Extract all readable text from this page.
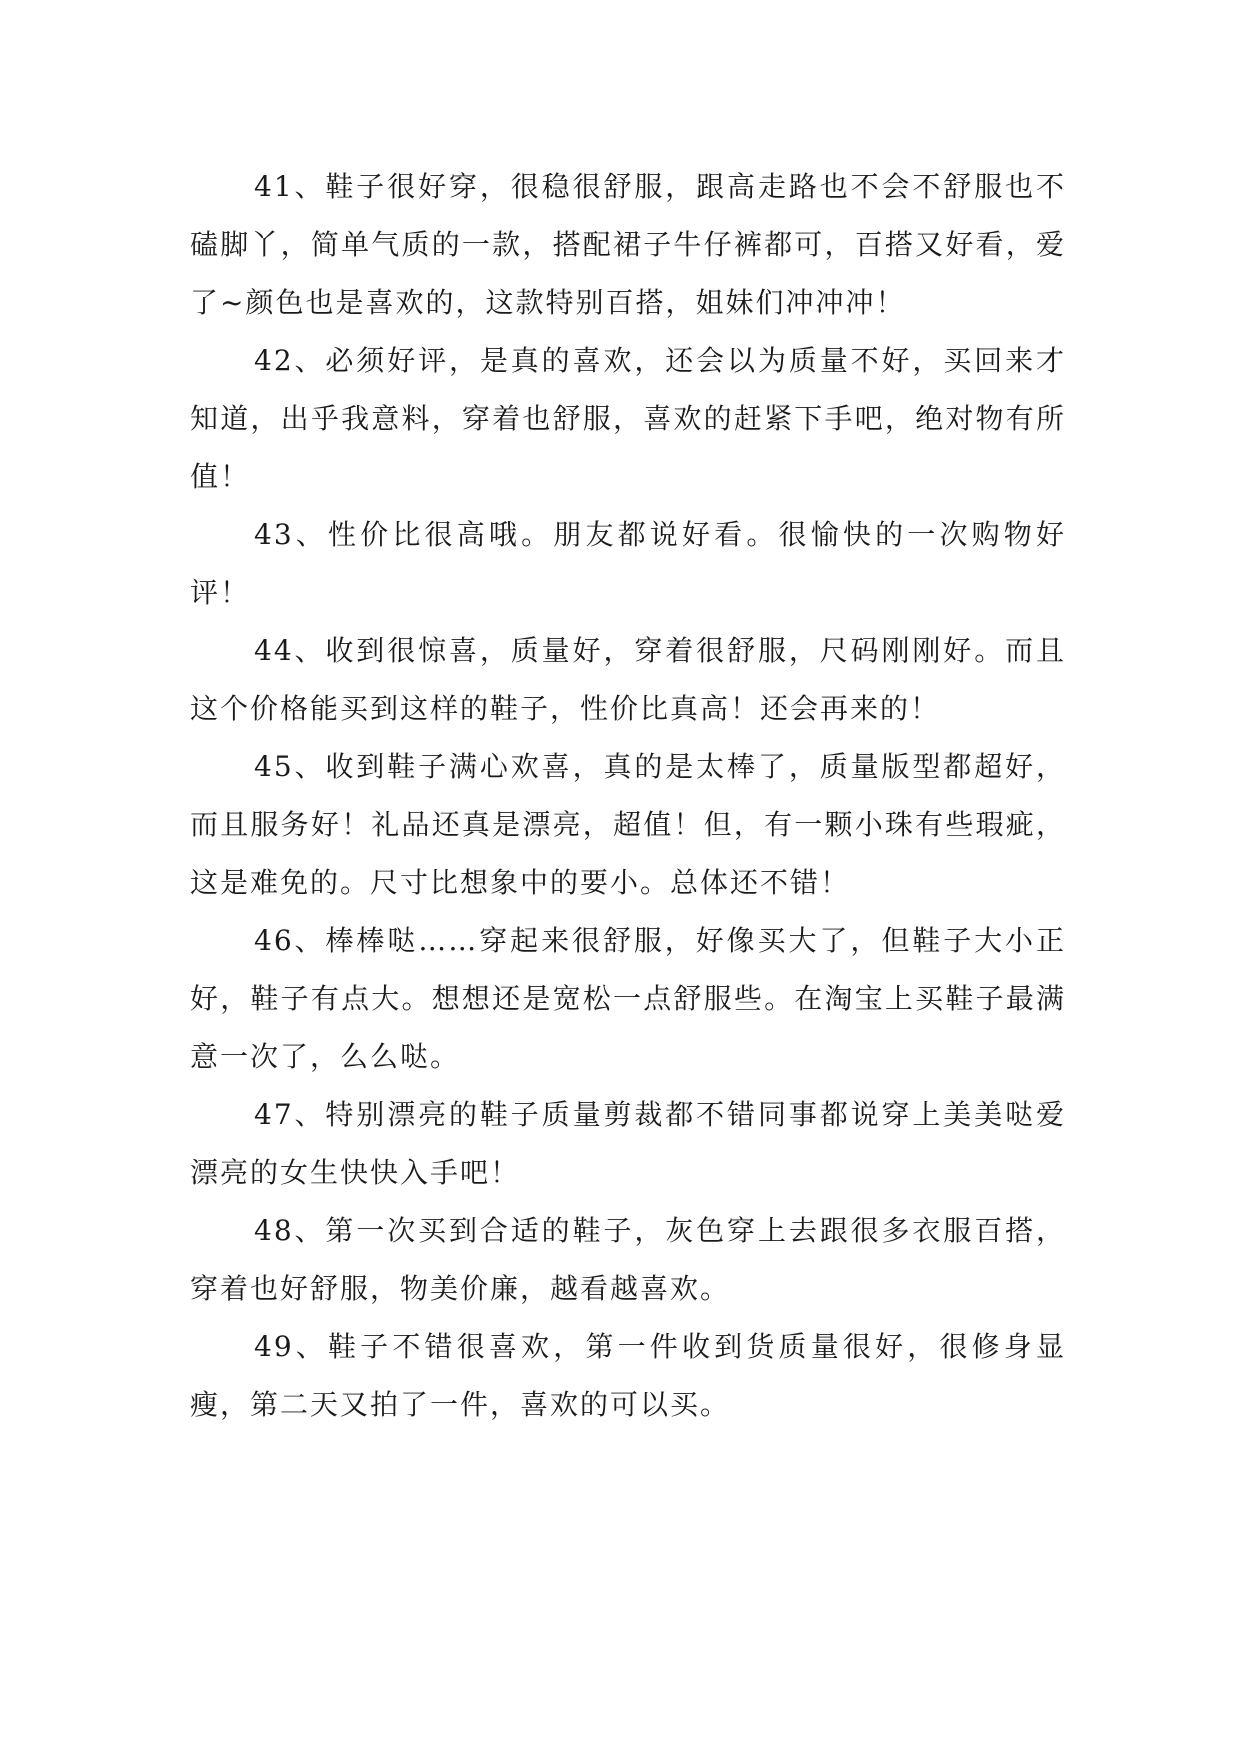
41、鞋子很好穿，很稳很舒服，跟高走路也不会不舒服也不磕脚丫，简单气质的一款，搭配裙子牛仔裤都可，百搭又好看，爱了~颜色也是喜欢的，这款特别百搭，姐妹们冲冲冲！

42、必须好评，是真的喜欢，还会以为质量不好，买回来才知道，出乎我意料，穿着也舒服，喜欢的赶紧下手吧，绝对物有所值！

43、性价比很高哦。朋友都说好看。很愉快的一次购物好评！

44、收到很惊喜，质量好，穿着很舒服，尺码刚刚好。而且这个价格能买到这样的鞋子，性价比真高！还会再来的！

45、收到鞋子满心欢喜，真的是太棒了，质量版型都超好，而且服务好！礼品还真是漂亮，超值！但，有一颗小珠有些瑕疵，这是难免的。尺寸比想象中的要小。总体还不错！

46、棒棒哒……穿起来很舒服，好像买大了，但鞋子大小正好，鞋子有点大。想想还是宽松一点舒服些。在淘宝上买鞋子最满意一次了，么么哒。

47、特别漂亮的鞋子质量剪裁都不错同事都说穿上美美哒爱漂亮的女生快快入手吧！

48、第一次买到合适的鞋子，灰色穿上去跟很多衣服百搭，穿着也好舒服，物美价廉，越看越喜欢。

49、鞋子不错很喜欢，第一件收到货质量很好，很修身显瘦，第二天又拍了一件，喜欢的可以买。
